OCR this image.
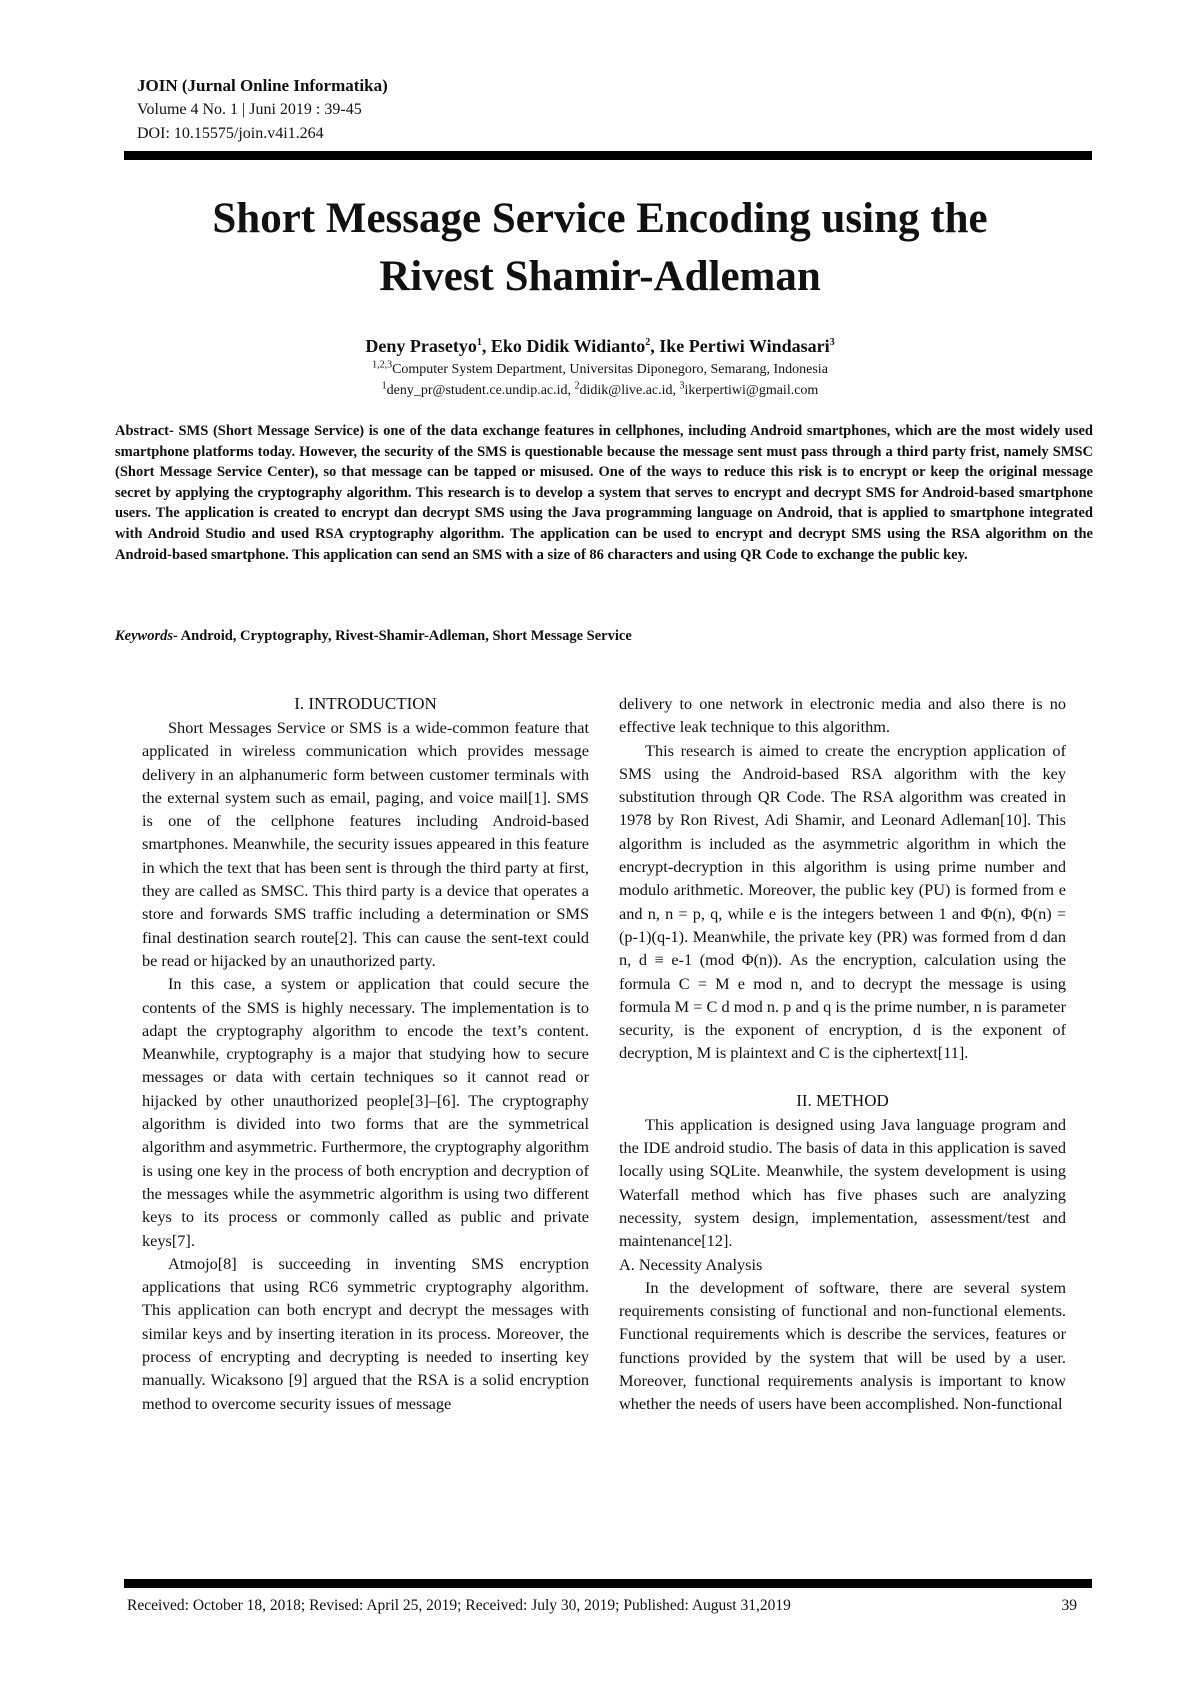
JOIN (Jurnal Online Informatika)
Volume 4 No. 1 | Juni 2019 : 39-45
DOI: 10.15575/join.v4i1.264
Short Message Service Encoding using the
Rivest Shamir-Adleman
Deny Prasetyo$^1$, Eko Didik Widianto$^2$, Ike Pertiwi Windasari$^3$
$^{1,2,3}$Computer System Department, Universitas Diponegoro, Semarang, Indonesia
$^1$deny_pr@student.ce.undip.ac.id, $^2$didik@live.ac.id, $^3$ikerpertiwi@gmail.com
Abstract- SMS (Short Message Service) is one of the data exchange features in cellphones, including Android smartphones, which are the most widely used smartphone platforms today. However, the security of the SMS is questionable because the message sent must pass through a third party frist, namely SMSC (Short Message Service Center), so that message can be tapped or misused. One of the ways to reduce this risk is to encrypt or keep the original message secret by applying the cryptography algorithm. This research is to develop a system that serves to encrypt and decrypt SMS for Android-based smartphone users. The application is created to encrypt dan decrypt SMS using the Java programming language on Android, that is applied to smartphone integrated with Android Studio and used RSA cryptography algorithm. The application can be used to encrypt and decrypt SMS using the RSA algorithm on the Android-based smartphone. This application can send an SMS with a size of 86 characters and using QR Code to exchange the public key.
Keywords- Android, Cryptography, Rivest-Shamir-Adleman, Short Message Service
I. INTRODUCTION

Short Messages Service or SMS is a wide-common feature that applicated in wireless communication which provides message delivery in an alphanumeric form between customer terminals with the external system such as email, paging, and voice mail[1]. SMS is one of the cellphone features including Android-based smartphones. Meanwhile, the security issues appeared in this feature in which the text that has been sent is through the third party at first, they are called as SMSC. This third party is a device that operates a store and forwards SMS traffic including a determination or SMS final destination search route[2]. This can cause the sent-text could be read or hijacked by an unauthorized party.

In this case, a system or application that could secure the contents of the SMS is highly necessary. The implementation is to adapt the cryptography algorithm to encode the text’s content. Meanwhile, cryptography is a major that studying how to secure messages or data with certain techniques so it cannot read or hijacked by other unauthorized people[3]–[6]. The cryptography algorithm is divided into two forms that are the symmetrical algorithm and asymmetric. Furthermore, the cryptography algorithm is using one key in the process of both encryption and decryption of the messages while the asymmetric algorithm is using two different keys to its process or commonly called as public and private keys[7].

Atmojo[8] is succeeding in inventing SMS encryption applications that using RC6 symmetric cryptography algorithm. This application can both encrypt and decrypt the messages with similar keys and by inserting iteration in its process. Moreover, the process of encrypting and decrypting is needed to inserting key manually. Wicaksono [9] argued that the RSA is a solid encryption method to overcome security issues of message

delivery to one network in electronic media and also there is no effective leak technique to this algorithm.

This research is aimed to create the encryption application of SMS using the Android-based RSA algorithm with the key substitution through QR Code. The RSA algorithm was created in 1978 by Ron Rivest, Adi Shamir, and Leonard Adleman[10]. This algorithm is included as the asymmetric algorithm in which the encrypt-decryption in this algorithm is using prime number and modulo arithmetic. Moreover, the public key (PU) is formed from e and n, n = p, q, while e is the integers between 1 and Φ(n), Φ(n) = (p-1)(q-1). Meanwhile, the private key (PR) was formed from d dan n, d ≡ e-1 (mod Φ(n)). As the encryption, calculation using the formula C = M e mod n, and to decrypt the message is using formula M = C d mod n. p and q is the prime number, n is parameter security, is the exponent of encryption, d is the exponent of decryption, M is plaintext and C is the ciphertext[11].

II. METHOD

This application is designed using Java language program and the IDE android studio. The basis of data in this application is saved locally using SQLite. Meanwhile, the system development is using Waterfall method which has five phases such are analyzing necessity, system design, implementation, assessment/test and maintenance[12].

A. Necessity Analysis

In the development of software, there are several system requirements consisting of functional and non-functional elements. Functional requirements which is describe the services, features or functions provided by the system that will be used by a user. Moreover, functional requirements analysis is important to know whether the needs of users have been accomplished. Non-functional

Received: October 18, 2018; Revised: April 25, 2019; Received: July 30, 2019; Published: August 31,2019	39
